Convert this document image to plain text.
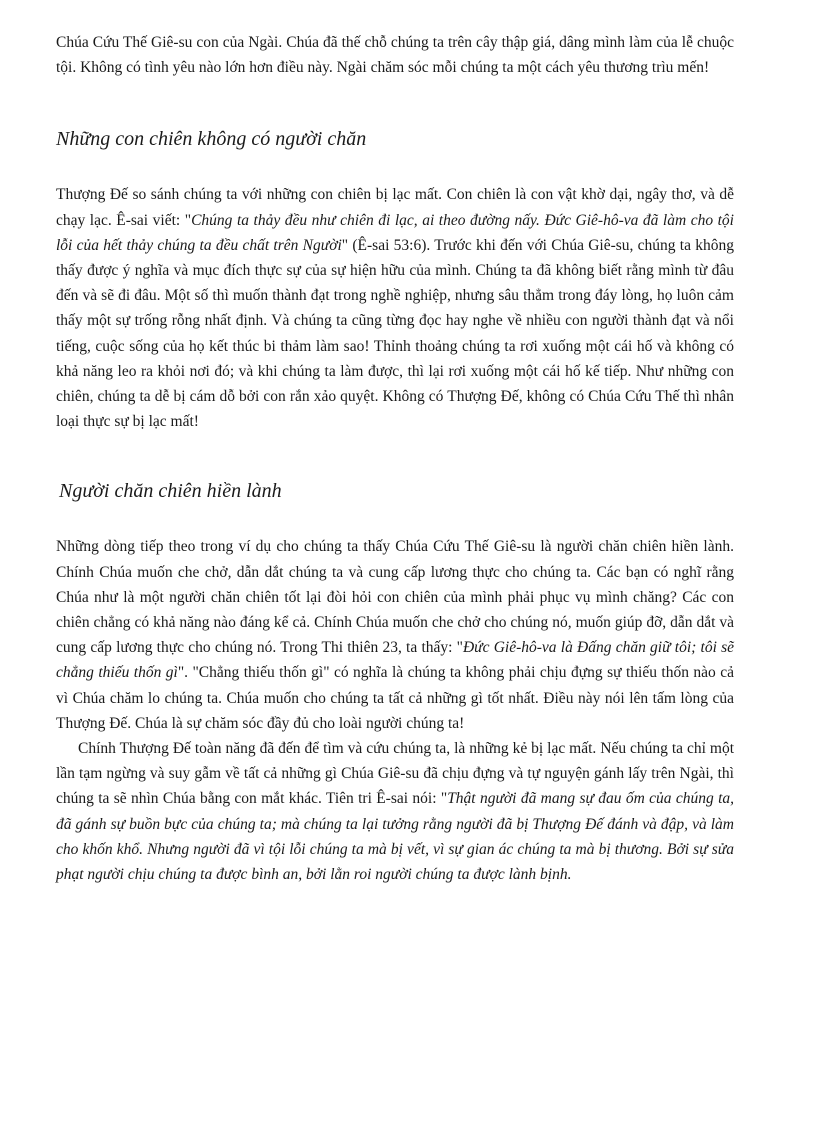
Chúa Cứu Thế Giê-su con của Ngài. Chúa đã thế chỗ chúng ta trên cây thập giá, dâng mình làm của lễ chuộc tội. Không có tình yêu nào lớn hơn điều này. Ngài chăm sóc mỗi chúng ta một cách yêu thương trìu mến!

Những con chiên không có người chăn

Thượng Đế so sánh chúng ta với những con chiên bị lạc mất. Con chiên là con vật khờ dại, ngây thơ, và dễ chạy lạc. Ê-sai viết: "Chúng ta thảy đều như chiên đi lạc, ai theo đường nấy. Đức Giê-hô-va đã làm cho tội lỗi của hết thảy chúng ta đều chất trên Người" (Ê-sai 53:6). Trước khi đến với Chúa Giê-su, chúng ta không thấy được ý nghĩa và mục đích thực sự của sự hiện hữu của mình. Chúng ta đã không biết rằng mình từ đâu đến và sẽ đi đâu. Một số thì muốn thành đạt trong nghề nghiệp, nhưng sâu thẳm trong đáy lòng, họ luôn cảm thấy một sự trống rỗng nhất định. Và chúng ta cũng từng đọc hay nghe về nhiều con người thành đạt và nổi tiếng, cuộc sống của họ kết thúc bi thảm làm sao! Thỉnh thoảng chúng ta rơi xuống một cái hố và không có khả năng leo ra khỏi nơi đó; và khi chúng ta làm được, thì lại rơi xuống một cái hố kế tiếp. Như những con chiên, chúng ta dễ bị cám dỗ bởi con rắn xảo quyệt. Không có Thượng Đế, không có Chúa Cứu Thế thì nhân loại thực sự bị lạc mất!

Người chăn chiên hiền lành

Những dòng tiếp theo trong ví dụ cho chúng ta thấy Chúa Cứu Thế Giê-su là người chăn chiên hiền lành. Chính Chúa muốn che chở, dẫn dắt chúng ta và cung cấp lương thực cho chúng ta. Các bạn có nghĩ rằng Chúa như là một người chăn chiên tốt lại đòi hỏi con chiên của mình phải phục vụ mình chăng? Các con chiên chẳng có khả năng nào đáng kể cả. Chính Chúa muốn che chở cho chúng nó, muốn giúp đỡ, dẫn dắt và cung cấp lương thực cho chúng nó. Trong Thi thiên 23, ta thấy: "Đức Giê-hô-va là Đấng chăn giữ tôi; tôi sẽ chẳng thiếu thốn gì". "Chẳng thiếu thốn gì" có nghĩa là chúng ta không phải chịu đựng sự thiếu thốn nào cả vì Chúa chăm lo chúng ta. Chúa muốn cho chúng ta tất cả những gì tốt nhất. Điều này nói lên tấm lòng của Thượng Đế. Chúa là sự chăm sóc đầy đủ cho loài người chúng ta!

Chính Thượng Đế toàn năng đã đến để tìm và cứu chúng ta, là những kẻ bị lạc mất. Nếu chúng ta chỉ một lần tạm ngừng và suy gẫm về tất cả những gì Chúa Giê-su đã chịu đựng và tự nguyện gánh lấy trên Ngài, thì chúng ta sẽ nhìn Chúa bằng con mắt khác. Tiên tri Ê-sai nói: "Thật người đã mang sự đau ốm của chúng ta, đã gánh sự buồn bực của chúng ta; mà chúng ta lại tưởng rằng người đã bị Thượng Đế đánh và đập, và làm cho khốn khổ. Nhưng người đã vì tội lỗi chúng ta mà bị vết, vì sự gian ác chúng ta mà bị thương. Bởi sự sửa phạt người chịu chúng ta được bình an, bởi lằn roi người chúng ta được lành bịnh.
